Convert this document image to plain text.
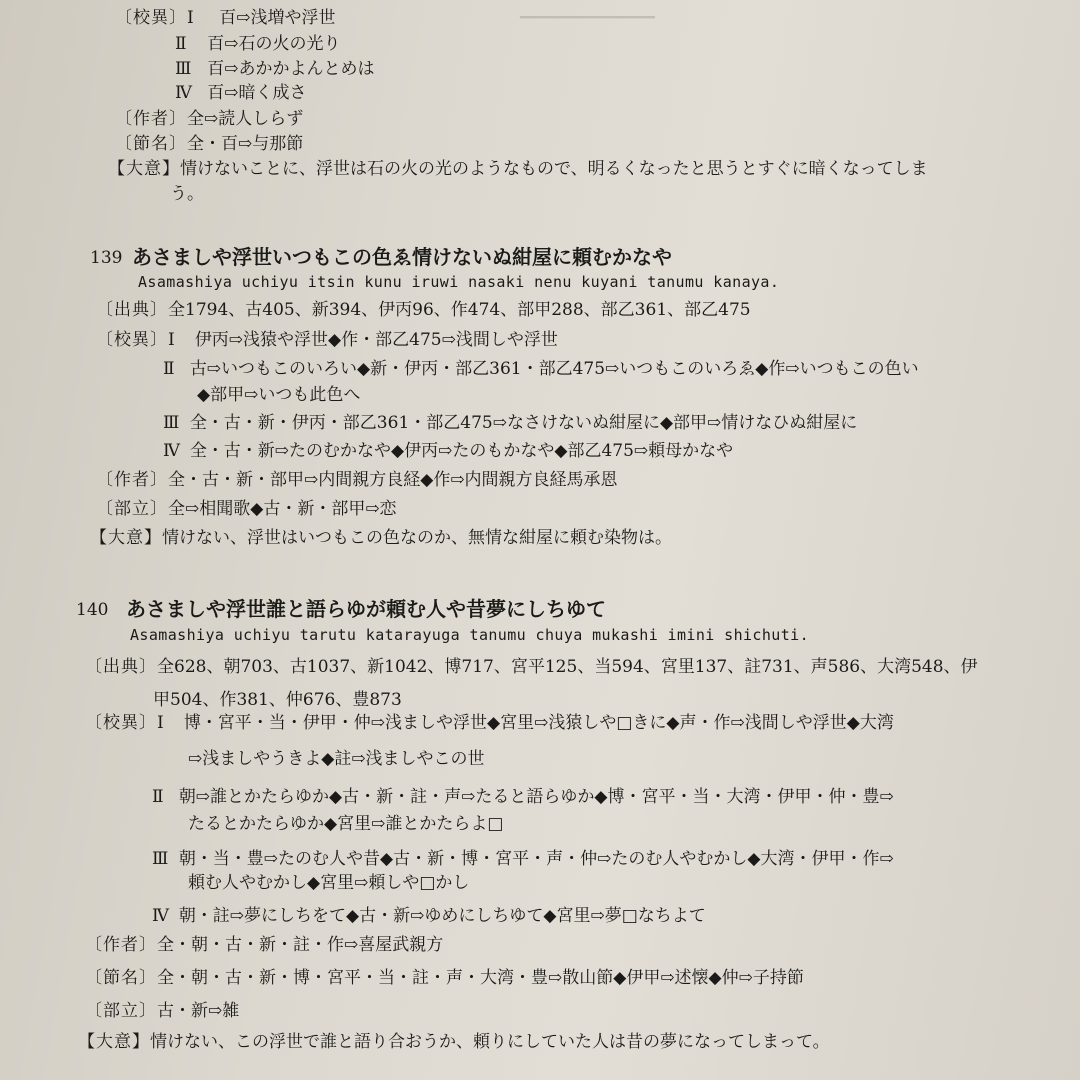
━━━━━━━━━━━━━━━━
〔校異〕Ⅰ 百⇨浅増や浮世
Ⅱ 百⇨石の火の光り
Ⅲ 百⇨あかかよんとめは
Ⅳ 百⇨暗く成さ
〔作者〕全⇨読人しらず
〔節名〕全・百⇨与那節
【大意】情けないことに、浮世は石の火の光のようなもので、明るくなったと思うとすぐに暗くなってしま
う。
139 あさましや浮世いつもこの色ゑ情けないぬ紺屋に頼むかなや
Asamashiya uchiyu itsin kunu iruwi nasaki nenu kuyani tanumu kanaya.
〔出典〕全1794、古405、新394、伊丙96、作474、部甲288、部乙361、部乙475
〔校異〕Ⅰ 伊丙⇨浅猿や浮世◆作・部乙475⇨浅間しや浮世
Ⅱ 古⇨いつもこのいろい◆新・伊丙・部乙361・部乙475⇨いつもこのいろゑ◆作⇨いつもこの色い
◆部甲⇨いつも此色へ
Ⅲ 全・古・新・伊丙・部乙361・部乙475⇨なさけないぬ紺屋に◆部甲⇨情けなひぬ紺屋に
Ⅳ 全・古・新⇨たのむかなや◆伊丙⇨たのもかなや◆部乙475⇨頼母かなや
〔作者〕全・古・新・部甲⇨内間親方良経◆作⇨内間親方良経馬承恩
〔部立〕全⇨相聞歌◆古・新・部甲⇨恋
【大意】情けない、浮世はいつもこの色なのか、無情な紺屋に頼む染物は。
140 あさましや浮世誰と語らゆが頼む人や昔夢にしちゆて
Asamashiya uchiyu tarutu katarayuga tanumu chuya mukashi imini shichuti.
〔出典〕全628、朝703、古1037、新1042、博717、宮平125、当594、宮里137、註731、声586、大湾548、伊
甲504、作381、仲676、豊873
〔校異〕Ⅰ 博・宮平・当・伊甲・仲⇨浅ましや浮世◆宮里⇨浅猿しや□きに◆声・作⇨浅間しや浮世◆大湾
⇨浅ましやうきよ◆註⇨浅ましやこの世
Ⅱ 朝⇨誰とかたらゆか◆古・新・註・声⇨たると語らゆか◆博・宮平・当・大湾・伊甲・仲・豊⇨
たるとかたらゆか◆宮里⇨誰とかたらよ□
Ⅲ 朝・当・豊⇨たのむ人や昔◆古・新・博・宮平・声・仲⇨たのむ人やむかし◆大湾・伊甲・作⇨
頼む人やむかし◆宮里⇨頼しや□かし
Ⅳ 朝・註⇨夢にしちをて◆古・新⇨ゆめにしちゆて◆宮里⇨夢□なちよて
〔作者〕全・朝・古・新・註・作⇨喜屋武親方
〔節名〕全・朝・古・新・博・宮平・当・註・声・大湾・豊⇨散山節◆伊甲⇨述懐◆仲⇨子持節
〔部立〕古・新⇨雑
【大意】情けない、この浮世で誰と語り合おうか、頼りにしていた人は昔の夢になってしまって。
